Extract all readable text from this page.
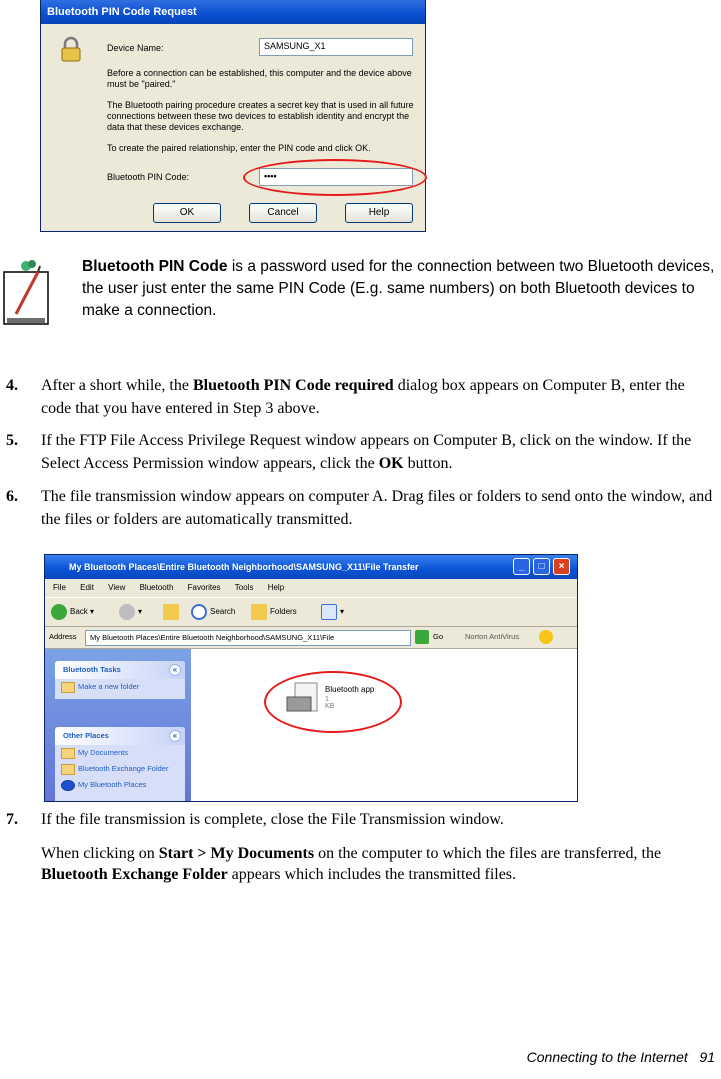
Bluetooth PIN Code Request
Device Name:	SAMSUNG_X1
Before a connection can be established, this computer and the device above must be "paired."
The Bluetooth pairing procedure creates a secret key that is used in all future connections between these two devices to establish identity and encrypt the data that these devices exchange.
To create the paired relationship, enter the PIN code and click OK.
Bluetooth PIN Code:	••••
OK	Cancel	Help
Bluetooth PIN Code is a password used for the connection between two Bluetooth devices, the user just enter the same PIN Code (E.g. same numbers) on both Bluetooth devices to make a connection.
4. After a short while, the Bluetooth PIN Code required dialog box appears on Computer B, enter the code that you have entered in Step 3 above.
5. If the FTP File Access Privilege Request window appears on Computer B, click on the window. If the Select Access Permission window appears, click the OK button.
6. The file transmission window appears on computer A. Drag files or folders to send onto the window, and the files or folders are automatically transmitted.
My Bluetooth Places\Entire Bluetooth Neighborhood\SAMSUNG_X11\File Transfer	_	□	×
File Edit View Bluetooth Favorites Tools Help
Back ▾	▾	Search	Folders	▾
Address	My Bluetooth Places\Entire Bluetooth Neighborhood\SAMSUNG_X11\File	Go	Norton AntiVirus
Bluetooth Tasks	«
Make a new folder
Other Places	«
My Documents
Bluetooth Exchange Folder
My Bluetooth Places
Bluetooth app
1 KB
7. If the file transmission is complete, close the File Transmission window.
When clicking on Start > My Documents on the computer to which the files are transferred, the Bluetooth Exchange Folder appears which includes the transmitted files.
Connecting to the Internet   91
